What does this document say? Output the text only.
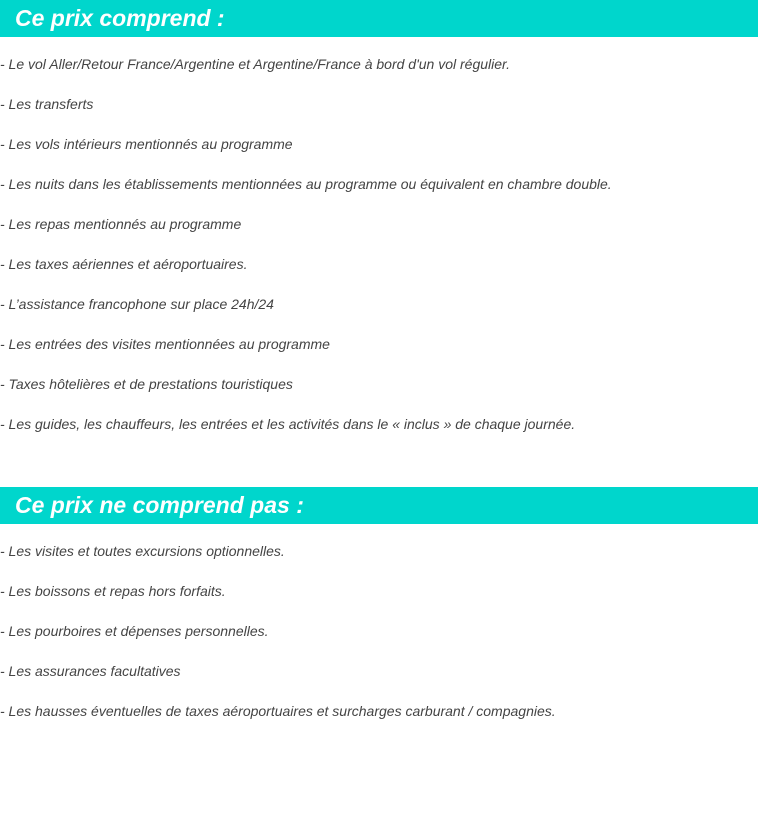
Ce prix comprend :
- Le vol Aller/Retour France/Argentine et Argentine/France à bord d'un vol régulier.
- Les transferts
- Les vols intérieurs mentionnés au programme
- Les nuits dans les établissements mentionnées au programme ou équivalent en chambre double.
- Les repas mentionnés au programme
- Les taxes aériennes et aéroportuaires.
- L’assistance francophone sur place 24h/24
- Les entrées des visites mentionnées au programme
- Taxes hôtelières et de prestations touristiques
- Les guides, les chauffeurs, les entrées et les activités dans le « inclus » de chaque journée.
Ce prix ne comprend pas :
- Les visites et toutes excursions optionnelles.
- Les boissons et repas hors forfaits.
- Les pourboires et dépenses personnelles.
- Les assurances facultatives
- Les hausses éventuelles de taxes aéroportuaires et surcharges carburant / compagnies.
